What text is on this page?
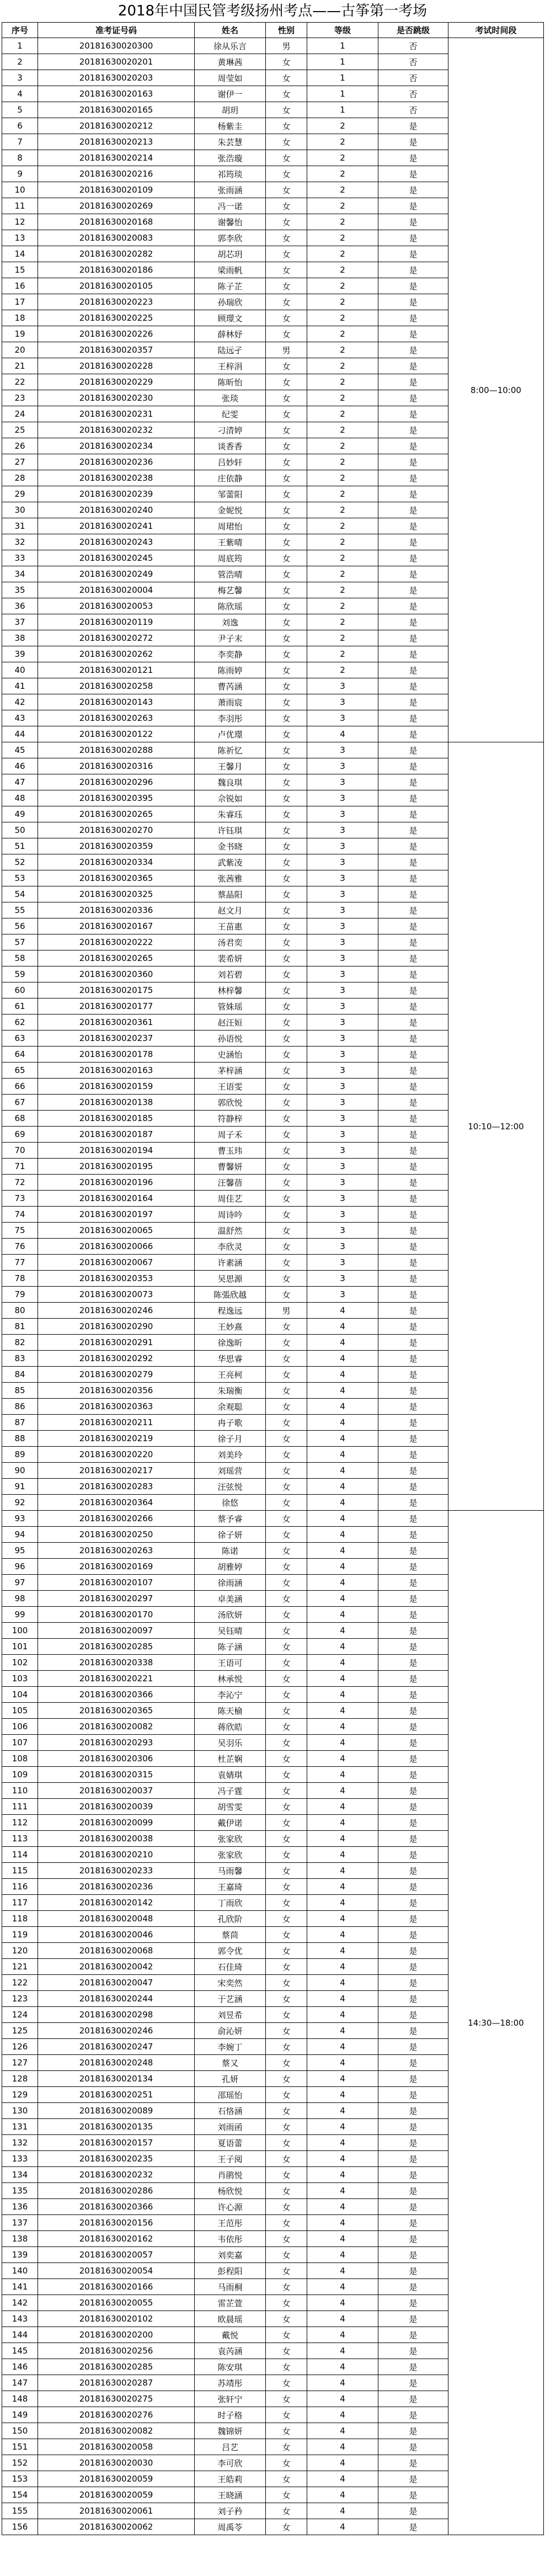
2018年中国民管考级扬州考点——古筝第一考场
序号	准考证号码	姓名	性别	等级	是否跳级	考试时间段
1	20181630020300	徐从乐言	男	1	否	8:00—10:00
2	20181630020201	黄琳茜	女	1	否	
3	20181630020203	周莹如	女	1	否	
4	20181630020163	谢伊一	女	1	否	
5	20181630020165	胡玥	女	1	否	
6	20181630020212	杨紫圭	女	2	是	
7	20181630020213	朱芸慧	女	2	是	
8	20181630020214	张浩璇	女	2	是	
9	20181630020216	祁筠琰	女	2	是	
10	20181630020109	张雨涵	女	2	是	
11	20181630020269	冯一诺	女	2	是	
12	20181630020168	谢馨怡	女	2	是	
13	20181630020083	郭李欣	女	2	是	
14	20181630020282	胡芯玥	女	2	是	
15	20181630020186	梁雨帆	女	2	是	
16	20181630020105	陈子芷	女	2	是	
17	20181630020223	孙瑞欣	女	2	是	
18	20181630020225	顾璟文	女	2	是	
19	20181630020226	薛林妤	女	2	是	
20	20181630020357	陆远孑	男	2	是	
21	20181630020228	王梓涓	女	2	是	
22	20181630020229	陈昕怡	女	2	是	
23	20181630020230	张琰	女	2	是	
24	20181630020231	纪雯	女	2	是	
25	20181630020232	刁清婷	女	2	是	
26	20181630020234	谈香香	女	2	是	
27	20181630020236	吕妙轩	女	2	是	
28	20181630020238	庄依静	女	2	是	
29	20181630020239	邹蕾阳	女	2	是	
30	20181630020240	金妮悦	女	2	是	
31	20181630020241	周珺怡	女	2	是	
32	20181630020243	王紫晴	女	2	是	
33	20181630020245	周底筠	女	2	是	
34	20181630020249	管浩晴	女	2	是	
35	20181630020004	梅艺馨	女	2	是	
36	20181630020053	陈欣瑶	女	2	是	
37	20181630020119	刘逸	女	2	是	
38	20181630020272	尹子末	女	2	是	
39	20181630020262	李奕静	女	2	是	
40	20181630020121	陈雨婷	女	2	是	
41	20181630020258	曹芮涵	女	3	是	
42	20181630020143	萧雨宸	女	3	是	
43	20181630020263	李羽彤	女	3	是	
44	20181630020122	卢优璟	女	4	是	
45	20181630020288	陈祈忆	女	3	是	10:10—12:00
46	20181630020316	王馨月	女	3	是	
47	20181630020296	魏良琪	女	3	是	
48	20181630020395	佘锐如	女	3	是	
49	20181630020265	朱睿珏	女	3	是	
50	20181630020270	许钰琪	女	3	是	
51	20181630020359	金书晓	女	3	是	
52	20181630020334	武紫凌	女	3	是	
53	20181630020365	张茜雅	女	3	是	
54	20181630020325	蔡晶阳	女	3	是	
55	20181630020336	赵文月	女	3	是	
56	20181630020167	王苗惠	女	3	是	
57	20181630020222	汤君奕	女	3	是	
58	20181630020265	裴希妍	女	3	是	
59	20181630020360	刘若碧	女	3	是	
60	20181630020175	林梓馨	女	3	是	
61	20181630020177	管姝瑶	女	3	是	
62	20181630020361	赵汪姮	女	3	是	
63	20181630020237	孙语悦	女	3	是	
64	20181630020178	史涵怡	女	3	是	
65	20181630020163	茅梓涵	女	3	是	
66	20181630020159	王语雯	女	3	是	
67	20181630020138	郭欣悦	女	3	是	
68	20181630020185	符静梓	女	3	是	
69	20181630020187	周子禾	女	3	是	
70	20181630020194	曹玉玮	女	3	是	
71	20181630020195	曹馨妍	女	3	是	
72	20181630020196	汪馨蓓	女	3	是	
73	20181630020164	周佳艺	女	3	是	
74	20181630020197	周诗吟	女	3	是	
75	20181630020065	温舒然	女	3	是	
76	20181630020066	李欣灵	女	3	是	
77	20181630020067	许素涵	女	3	是	
78	20181630020353	吴思源	女	3	是	
79	20181630020073	陈張欣越	女	3	是	
80	20181630020246	程逸远	男	4	是	
81	20181630020290	王妙熹	女	4	是	
82	20181630020291	徐逸昕	女	4	是	
83	20181630020292	华思睿	女	4	是	
84	20181630020279	王亮柯	女	4	是	
85	20181630020356	朱瑞衡	女	4	是	
86	20181630020363	余观聪	女	4	是	
87	20181630020211	冉子歌	女	4	是	
88	20181630020219	徐子月	女	4	是	
89	20181630020220	刘美玲	女	4	是	
90	20181630020217	刘瑶营	女	4	是	
91	20181630020283	汪弦悦	女	4	是	
92	20181630020364	徐悠	女	4	是	
93	20181630020266	蔡予睿	女	4	是	14:30—18:00
94	20181630020250	徐子妍	女	4	是	
95	20181630020263	陈诺	女	4	是	
96	20181630020169	胡雅婷	女	4	是	
97	20181630020107	徐雨涵	女	4	是	
98	20181630020297	卓美涵	女	4	是	
99	20181630020170	汤欣妍	女	4	是	
100	20181630020097	吴钰晴	女	4	是	
101	20181630020285	陈子涵	女	4	是	
102	20181630020338	王语可	女	4	是	
103	20181630020221	林承悦	女	4	是	
104	20181630020366	李沁宁	女	4	是	
105	20181630020365	陈天榆	女	4	是	
106	20181630020082	蒋欣皓	女	4	是	
107	20181630020293	吴羽乐	女	4	是	
108	20181630020306	杜芷娴	女	4	是	
109	20181630020315	袁婧琪	女	4	是	
110	20181630020037	冯子霆	女	4	是	
111	20181630020039	胡雪雯	女	4	是	
112	20181630020099	戴伊诺	女	4	是	
113	20181630020038	张家欣	女	4	是	
114	20181630020210	张家欣	女	4	是	
115	20181630020233	马雨馨	女	4	是	
116	20181630020236	王嘉琦	女	4	是	
117	20181630020142	丁雨欣	女	4	是	
118	20181630020048	孔欣阶	女	4	是	
119	20181630020046	蔡茴	女	4	是	
120	20181630020068	郭令优	女	4	是	
121	20181630020042	石佳琦	女	4	是	
122	20181630020047	宋奕然	女	4	是	
123	20181630020244	于艺涵	女	4	是	
124	20181630020298	刘昱希	女	4	是	
125	20181630020246	俞沁妍	女	4	是	
126	20181630020247	李婉丁	女	4	是	
127	20181630020248	蔡又	女	4	是	
128	20181630020134	孔妍	女	4	是	
129	20181630020251	邵瑶怡	女	4	是	
130	20181630020089	石恪涵	女	4	是	
131	20181630020135	刘雨函	女	4	是	
132	20181630020157	夏语蕾	女	4	是	
133	20181630020235	王子阅	女	4	是	
134	20181630020232	肖鹃悦	女	4	是	
135	20181630020286	杨欣悦	女	4	是	
136	20181630020366	许心源	女	4	是	
137	20181630020156	王范彤	女	4	是	
138	20181630020162	韦依彤	女	4	是	
139	20181630020057	刘奕嘉	女	4	是	
140	20181630020054	彭程阳	女	4	是	
141	20181630020166	马雨桐	女	4	是	
142	20181630020055	雷芷萱	女	4	是	
143	20181630020102	欧晨瑶	女	4	是	
144	20181630020200	戴悦	女	4	是	
145	20181630020256	袁芮涵	女	4	是	
146	20181630020285	陈安琪	女	4	是	
147	20181630020287	苏靖彤	女	4	是	
148	20181630020275	张轩宁	女	4	是	
149	20181630020276	时子格	女	4	是	
150	20181630020082	魏锦妍	女	4	是	
151	20181630020058	吕艺	女	4	是	
152	20181630020030	李可欣	女	4	是	
153	20181630020059	王皓莉	女	4	是	
154	20181630020059	王晓涵	女	4	是	
155	20181630020061	刘子矜	女	4	是	
156	20181630020062	周禹苓	女	4	是	
